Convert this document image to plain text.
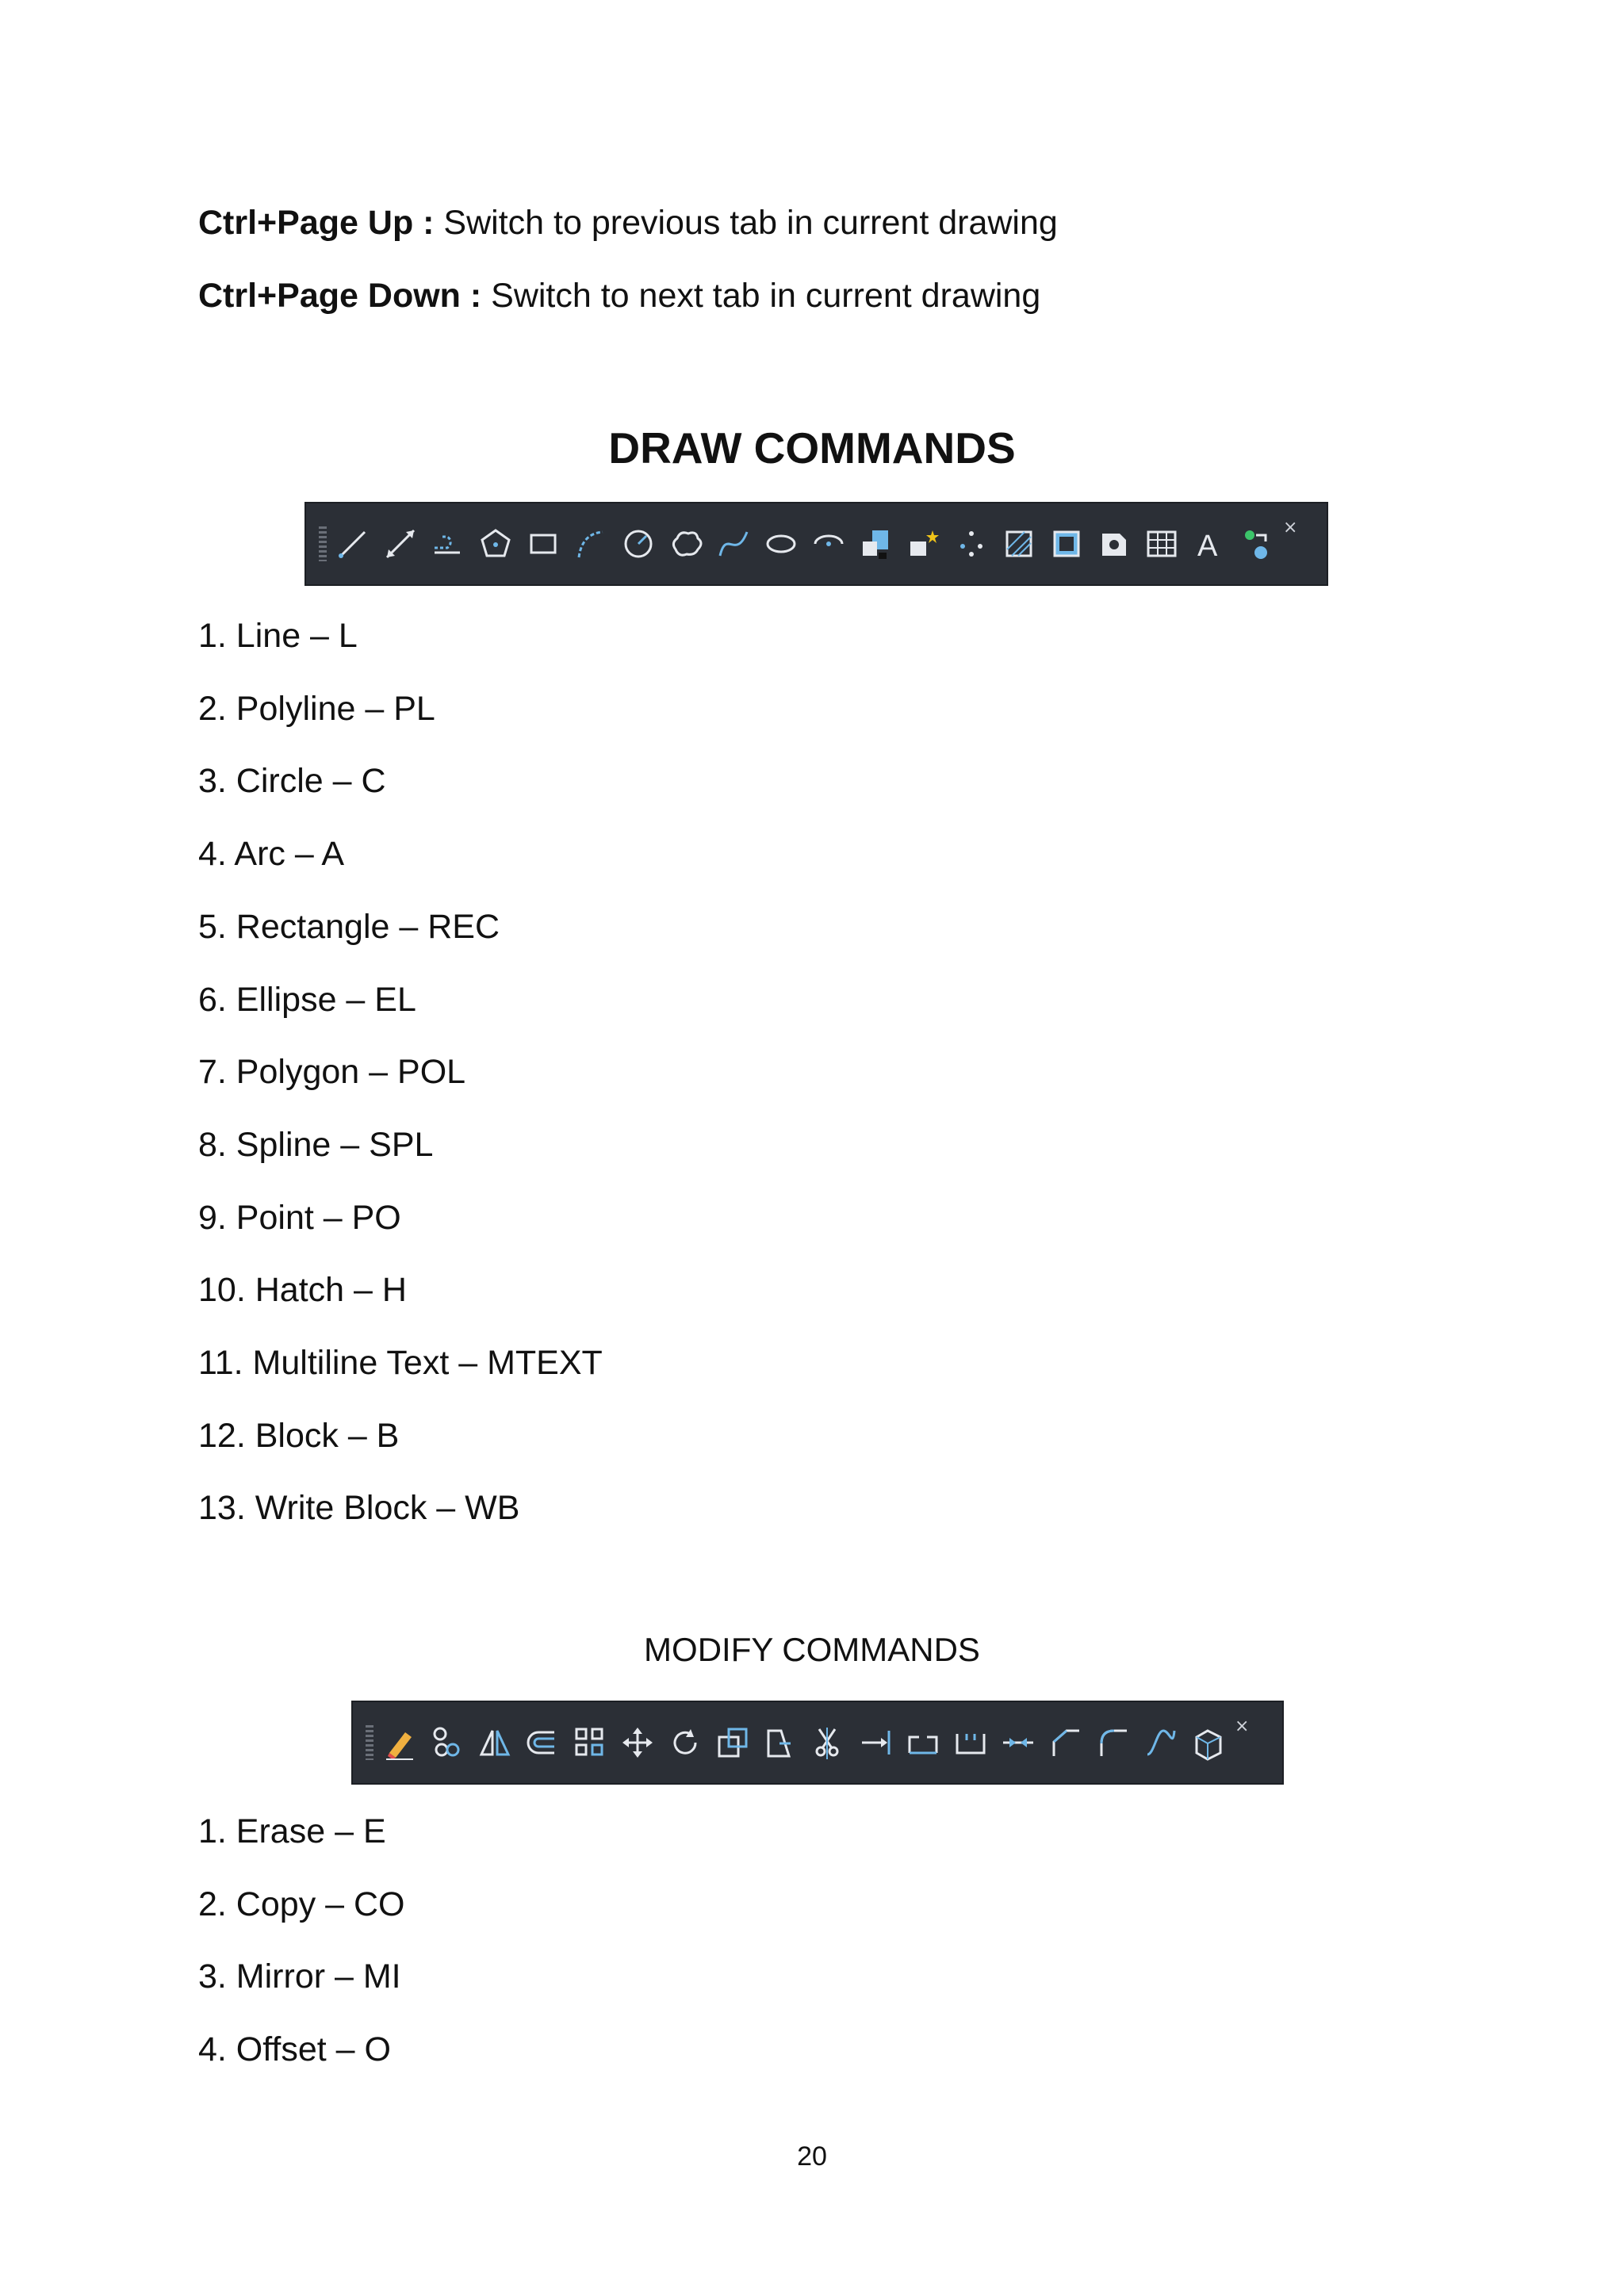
Ctrl+Page Up : Switch to previous tab in current drawing
Ctrl+Page Down : Switch to next tab in current drawing
DRAW COMMANDS
A
×
1. Line – L
2. Polyline – PL
3. Circle – C
4. Arc – A
5. Rectangle – REC
6. Ellipse – EL
7. Polygon – POL
8. Spline – SPL
9. Point – PO
10. Hatch – H
11. Multiline Text – MTEXT
12. Block – B
13. Write Block – WB
MODIFY COMMANDS
×
1. Erase – E
2. Copy – CO
3. Mirror – MI
4. Offset – O
20
